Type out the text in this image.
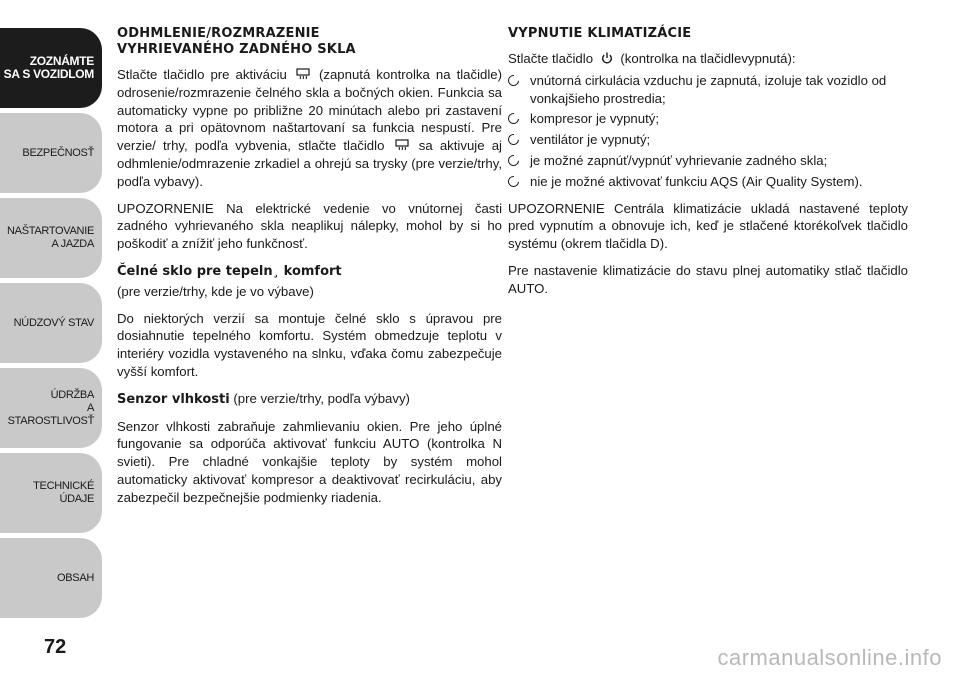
ZOZNÁMTE
SA S VOZIDLOM
BEZPEČNOSŤ
NAŠTARTOVANIE
A JAZDA
NÚDZOVÝ STAV
ÚDRŽBA
A STAROSTLIVOSŤ
TECHNICKÉ
ÚDAJE
OBSAH
72
ODHMLENIE/ROZMRAZENIE
VYHRIEVANÉHO ZADNÉHO SKLA

Stlačte tlačidlo pre aktiváciu (zapnutá kontrolka na tlačidle) odrosenie/rozmrazenie čelného skla a bočných okien. Funkcia sa automaticky vypne po približne 20 minútach alebo pri zastavení motora a pri opätovnom naštartovaní sa funkcia nespustí. Pre verzie/ trhy, podľa vybvenia, stlačte tlačidlo	sa aktivuje aj odhmlenie/odmrazenie zrkadiel a ohrejú sa trysky (pre verzie/trhy, podľa vybavy).

UPOZORNENIE Na elektrické vedenie vo vnútornej časti zadného vyhrievaného skla neaplikuj nálepky, mohol by si ho poškodiť a znížiť jeho funkčnosť.

Čelné sklo pre tepeln¸ komfort

(pre verzie/trhy, kde je vo výbave)

Do niektorých verzií sa montuje čelné sklo s úpravou pre dosiahnutie tepelného komfortu. Systém obmedzuje teplotu v interiéry vozidla vystaveného na slnku, vďaka čomu zabezpečuje vyšší komfort.

Senzor vlhkosti (pre verzie/trhy, podľa výbavy)

Senzor vlhkosti zabraňuje zahmlievaniu okien. Pre jeho úplné fungovanie sa odporúča aktivovať funkciu AUTO (kontrolka N svieti). Pre chladné vonkajšie teploty by systém mohol automaticky aktivovať kompresor a deaktivovať recirkuláciu, aby zabezpečil bezpečnejšie podmienky riadenia.

VYPNUTIE KLIMATIZÁCIE

Stlačte tlačidlo (kontrolka na tlačidlevypnutá):

vnútorná cirkulácia vzduchu je zapnutá, izoluje tak vozidlo od vonkajšieho prostredia;
kompresor je vypnutý;
ventilátor je vypnutý;
je možné zapnúť/vypnúť vyhrievanie zadného skla;
nie je možné aktivovať funkciu AQS (Air Quality System).

UPOZORNENIE Centrála klimatizácie ukladá nastavené teploty pred vypnutím a obnovuje ich, keď je stlačené ktorékoľvek tlačidlo systému (okrem tlačidla D).

Pre nastavenie klimatizácie do stavu plnej automatiky stlač tlačidlo AUTO.

carmanualsonline.info
